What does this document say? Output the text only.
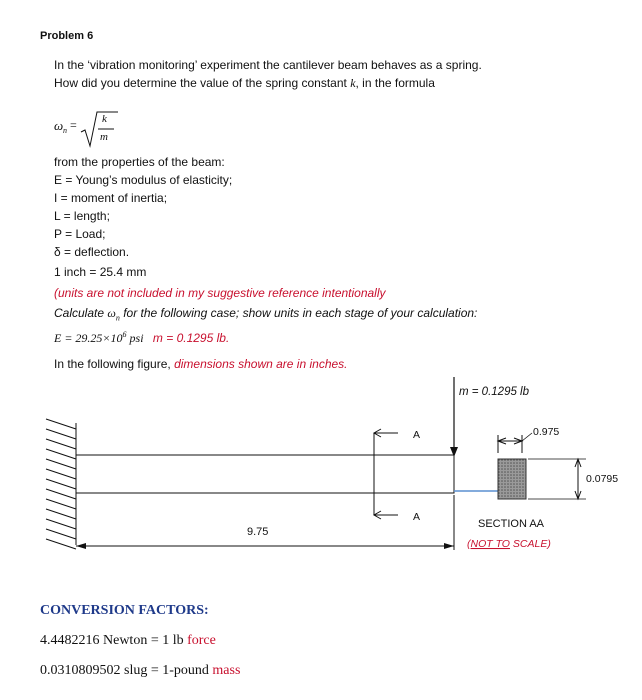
Problem 6
In the ‘vibration monitoring’ experiment the cantilever beam behaves as a spring.
How did you determine the value of the spring constant k, in the formula
ω n = k
m
from the properties of the beam:
E = Young’s modulus of elasticity;
I = moment of inertia;
L = length;
P = Load;
δ = deflection.
1 inch = 25.4 mm
(units are not included in my suggestive reference intentionally
Calculate $\omega_n$ for the following case; show units in each stage of your calculation:
$E = 29.25\times 10^6$ psi m = 0.1295 lb.
In the following figure, dimensions shown are in inches.
m = 0.1295 lb
A
A
9.75
0.975
0.0795
SECTION AA
(NOT TO SCALE)
CONVERSION FACTORS:
4.4482216 Newton = 1 lb force
0.0310809502 slug = 1-pound mass
